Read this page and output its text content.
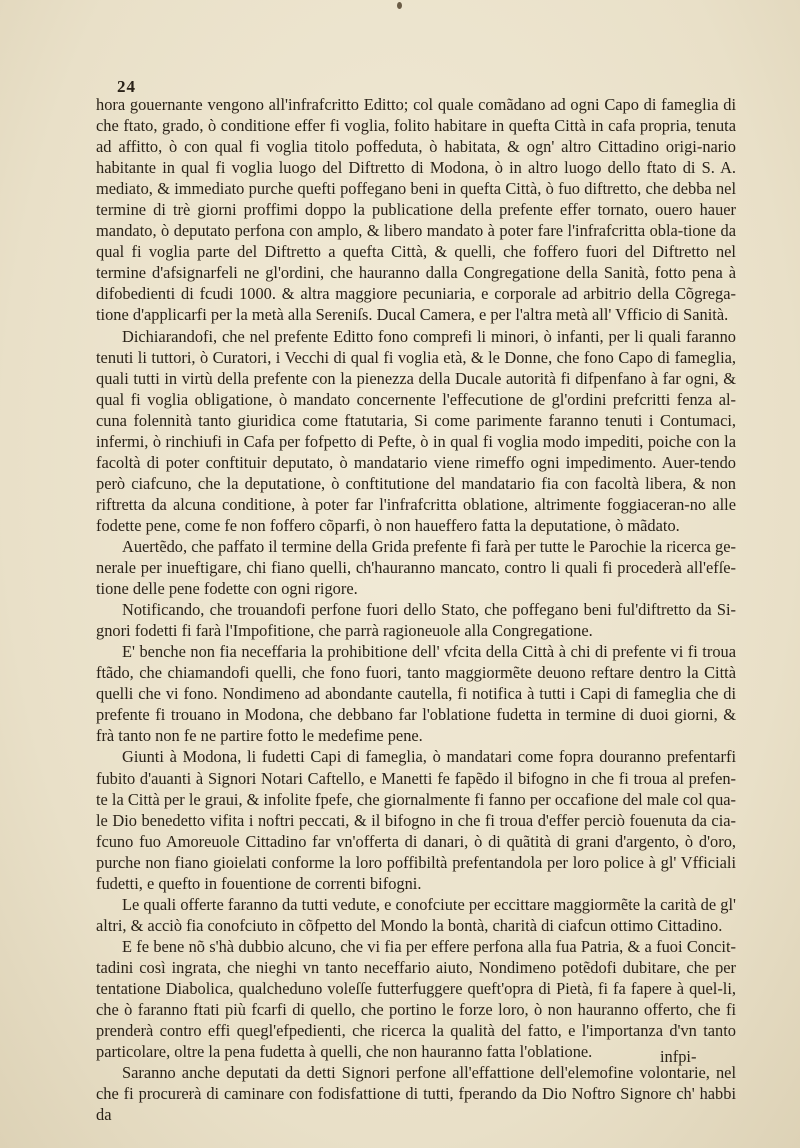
24

hora gouernante vengono all'infrafcritto Editto; col quale comãdano ad ogni Capo di fameglia di che ftato, grado, ò conditione effer fi voglia, folito habitare in quefta Città in cafa propria, tenuta ad affitto, ò con qual fi voglia titolo poffeduta, ò habitata, & ogn' altro Cittadino origi-nario habitante in qual fi voglia luogo del Diftretto di Modona, ò in altro luogo dello ftato di S. A. mediato, & immediato purche quefti poffegano beni in quefta Città, ò fuo diftretto, che debba nel termine di trè giorni proffimi doppo la publicatione della prefente effer tornato, ouero hauer mandato, ò deputato perfona con amplo, & libero mandato à poter fare l'infrafcritta obla-tione da qual fi voglia parte del Diftretto a quefta Città, & quelli, che foffero fuori del Diftretto nel termine d'afsignarfeli ne gl'ordini, che hauranno dalla Congregatione della Sanità, fotto pena à difobedienti di fcudi 1000. & altra maggiore pecuniaria, e corporale ad arbitrio della Cõgrega-tione d'applicarfi per la metà alla Sereniſs. Ducal Camera, e per l'altra metà all' Vfficio di Sanità.

Dichiarandofi, che nel prefente Editto fono comprefi li minori, ò infanti, per li quali faranno tenuti li tuttori, ò Curatori, i Vecchi di qual fi voglia età, & le Donne, che fono Capo di fameglia, quali tutti in virtù della prefente con la pienezza della Ducale autorità fi difpenfano à far ogni, & qual fi voglia obligatione, ò mandato concernente l'effecutione de gl'ordini prefcritti fenza al-cuna folennità tanto giuridica come ftatutaria, Si come parimente faranno tenuti i Contumaci, infermi, ò rinchiufi in Cafa per fofpetto di Pefte, ò in qual fi voglia modo impediti, poiche con la facoltà di poter conftituir deputato, ò mandatario viene rimeffo ogni impedimento. Auer-tendo però ciafcuno, che la deputatione, ò conftitutione del mandatario fia con facoltà libera, & non riftretta da alcuna conditione, à poter far l'infrafcritta oblatione, altrimente foggiaceran-no alle fodette pene, come fe non foffero cõparfi, ò non haueffero fatta la deputatione, ò mãdato.

Auertẽdo, che paffato il termine della Grida prefente fi farà per tutte le Parochie la ricerca ge-nerale per inueftigare, chi fiano quelli, ch'hauranno mancato, contro li quali fi procederà all'efſe-tione delle pene fodette con ogni rigore.

Notificando, che trouandofi perfone fuori dello Stato, che poffegano beni ful'diftretto da Si-gnori fodetti fi farà l'Impofitione, che parrà ragioneuole alla Congregatione.

E' benche non fia neceffaria la prohibitione dell' vfcita della Città à chi di prefente vi fi troua ftãdo, che chiamandofi quelli, che fono fuori, tanto maggiormẽte deuono reftare dentro la Città quelli che vi fono. Nondimeno ad abondante cautella, fi notifica à tutti i Capi di fameglia che di prefente fi trouano in Modona, che debbano far l'oblatione fudetta in termine di duoi giorni, & frà tanto non fe ne partire fotto le medefime pene.

Giunti à Modona, li fudetti Capi di fameglia, ò mandatari come fopra douranno prefentarfi fubito d'auanti à Signori Notari Caftello, e Manetti fe fapẽdo il bifogno in che fi troua al prefen-te la Città per le graui, & infolite fpefe, che giornalmente fi fanno per occafione del male col qua-le Dio benedetto vifita i noftri peccati, & il bifogno in che fi troua d'effer perciò fouenuta da cia-fcuno fuo Amoreuole Cittadino far vn'offerta di danari, ò di quãtità di grani d'argento, ò d'oro, purche non fiano gioielati conforme la loro poffibiltà prefentandola per loro police à gl' Vfficiali fudetti, e quefto in fouentione de correnti bifogni.

Le quali offerte faranno da tutti vedute, e conofciute per eccittare maggiormẽte la carità de gl' altri, & acciò fia conofciuto in cõfpetto del Mondo la bontà, charità di ciafcun ottimo Cittadino.

E fe bene nõ s'hà dubbio alcuno, che vi fia per effere perfona alla fua Patria, & a fuoi Concit-tadini così ingrata, che nieghi vn tanto neceffario aiuto, Nondimeno potẽdofi dubitare, che per tentatione Diabolica, qualcheduno voleſſe futterfuggere queft'opra di Pietà, fi fa fapere à quel-li, che ò faranno ftati più fcarfi di quello, che portino le forze loro, ò non hauranno offerto, che fi prenderà contro effi quegl'efpedienti, che ricerca la qualità del fatto, e l'importanza d'vn tanto particolare, oltre la pena fudetta à quelli, che non hauranno fatta l'oblatione.

Saranno anche deputati da detti Signori perfone all'effattione dell'elemofine volontarie, nel che fi procurerà di caminare con fodisfattione di tutti, fperando da Dio Noftro Signore ch' habbi da

infpi-
